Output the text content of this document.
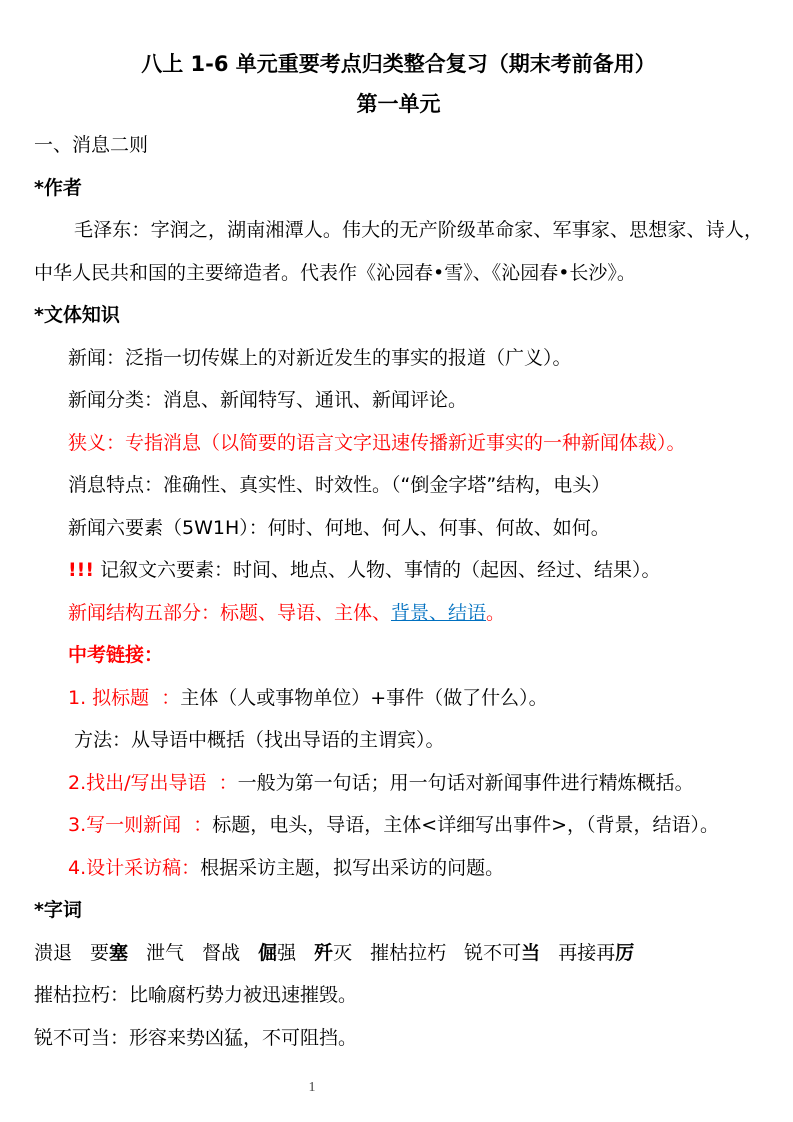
八上 1-6 单元重要考点归类整合复习（期末考前备用）
第一单元
一、消息二则
*作者
毛泽东：字润之，湖南湘潭人。伟大的无产阶级革命家、军事家、思想家、诗人，中华人民共和国的主要缔造者。代表作《沁园春•雪》、《沁园春•长沙》。
*文体知识
新闻：泛指一切传媒上的对新近发生的事实的报道（广义）。
新闻分类：消息、新闻特写、通讯、新闻评论。
狭义：专指消息（以简要的语言文字迅速传播新近事实的一种新闻体裁）。
消息特点：准确性、真实性、时效性。（“倒金字塔”结构，电头）
新闻六要素（5W1H）：何时、何地、何人、何事、何故、如何。
!!! 记叙文六要素：时间、地点、人物、事情的（起因、经过、结果）。
新闻结构五部分：标题、导语、主体、背景、结语。
中考链接：
1. 拟标题  ：主体（人或事物单位）+事件（做了什么）。
方法：从导语中概括（找出导语的主谓宾）。
2.找出/写出导语  ：一般为第一句话；用一句话对新闻事件进行精炼概括。
3.写一则新闻  ：标题，电头，导语，主体<详细写出事件>，（背景，结语）。
4.设计采访稿：根据采访主题，拟写出采访的问题。
*字词
溃退 要塞 泄气 督战 倔强 歼灭 摧枯拉朽 锐不可当 再接再厉
摧枯拉朽：比喻腐朽势力被迅速摧毁。
锐不可当：形容来势凶猛，不可阻挡。
1
